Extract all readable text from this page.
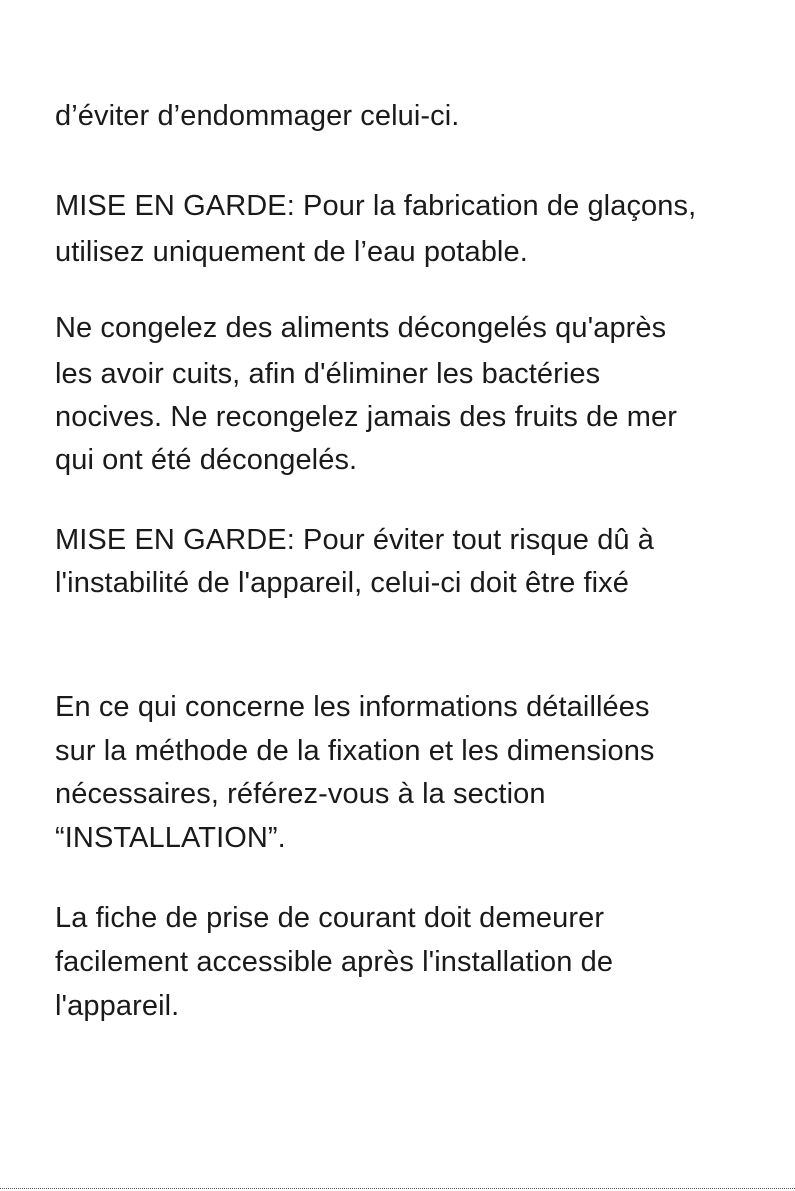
d’éviter d’endommager celui-ci.
MISE EN GARDE: Pour la fabrication de glaçons,
utilisez uniquement de l’eau potable.
Ne congelez des aliments décongelés qu'après
les avoir cuits, afin d'éliminer les bactéries
nocives. Ne recongelez jamais des fruits de mer
qui ont été décongelés.
MISE EN GARDE: Pour éviter tout risque dû à
l'instabilité de l'appareil, celui-ci doit être fixé
En ce qui concerne les informations détaillées
sur la méthode de la fixation et les dimensions
nécessaires, référez-vous à la section
“INSTALLATION”.
La fiche de prise de courant doit demeurer
facilement accessible après l'installation de
l'appareil.
